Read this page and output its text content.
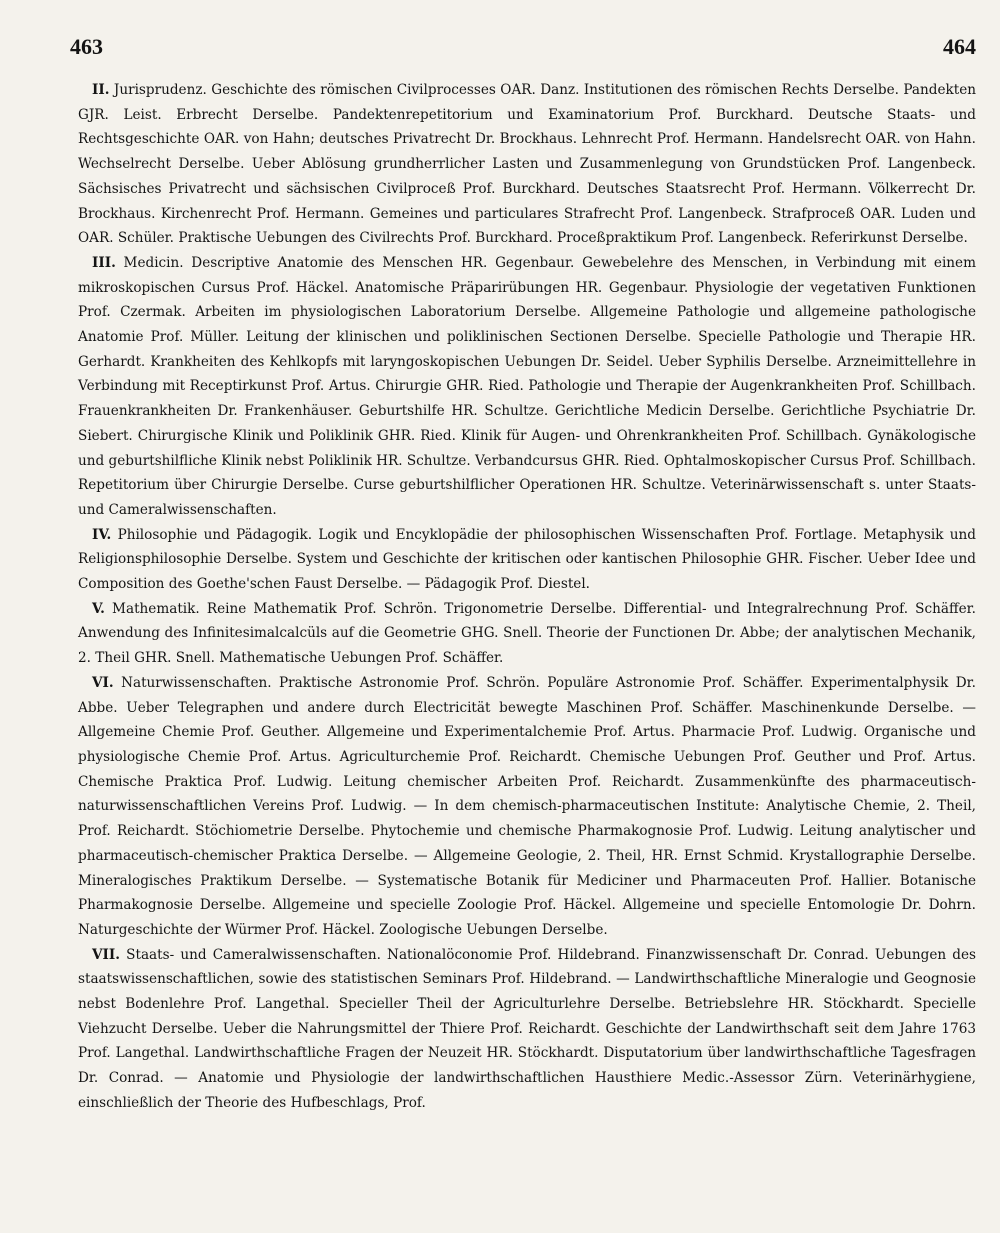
463	464

II. Jurisprudenz. Geschichte des römischen Civilprocesses OAR. Danz. Institutionen des römischen Rechts Derselbe. Pandekten GJR. Leist. Erbrecht Derselbe. Pandektenrepetitorium und Examinatorium Prof. Burckhard. Deutsche Staats- und Rechtsgeschichte OAR. von Hahn; deutsches Privatrecht Dr. Brockhaus. Lehnrecht Prof. Hermann. Handelsrecht OAR. von Hahn. Wechselrecht Derselbe. Ueber Ablösung grundherrlicher Lasten und Zusammenlegung von Grundstücken Prof. Langenbeck. Sächsisches Privatrecht und sächsischen Civilproceß Prof. Burckhard. Deutsches Staatsrecht Prof. Hermann. Völkerrecht Dr. Brockhaus. Kirchenrecht Prof. Hermann. Gemeines und particulares Strafrecht Prof. Langenbeck. Strafproceß OAR. Luden und OAR. Schüler. Praktische Uebungen des Civilrechts Prof. Burckhard. Proceßpraktikum Prof. Langenbeck. Referirkunst Derselbe.

III. Medicin. Descriptive Anatomie des Menschen HR. Gegenbaur. Gewebelehre des Menschen, in Verbindung mit einem mikroskopischen Cursus Prof. Häckel. Anatomische Präparirübungen HR. Gegenbaur. Physiologie der vegetativen Funktionen Prof. Czermak. Arbeiten im physiologischen Laboratorium Derselbe. Allgemeine Pathologie und allgemeine pathologische Anatomie Prof. Müller. Leitung der klinischen und poliklinischen Sectionen Derselbe. Specielle Pathologie und Therapie HR. Gerhardt. Krankheiten des Kehlkopfs mit laryngoskopischen Uebungen Dr. Seidel. Ueber Syphilis Derselbe. Arzneimittellehre in Verbindung mit Receptirkunst Prof. Artus. Chirurgie GHR. Ried. Pathologie und Therapie der Augenkrankheiten Prof. Schillbach. Frauenkrankheiten Dr. Frankenhäuser. Geburtshilfe HR. Schultze. Gerichtliche Medicin Derselbe. Gerichtliche Psychiatrie Dr. Siebert. Chirurgische Klinik und Poliklinik GHR. Ried. Klinik für Augen- und Ohrenkrankheiten Prof. Schillbach. Gynäkologische und geburtshilfliche Klinik nebst Poliklinik HR. Schultze. Verbandcursus GHR. Ried. Ophtalmoskopischer Cursus Prof. Schillbach. Repetitorium über Chirurgie Derselbe. Curse geburtshilflicher Operationen HR. Schultze. Veterinärwissenschaft s. unter Staats- und Cameralwissenschaften.

IV. Philosophie und Pädagogik. Logik und Encyklopädie der philosophischen Wissenschaften Prof. Fortlage. Metaphysik und Religionsphilosophie Derselbe. System und Geschichte der kritischen oder kantischen Philosophie GHR. Fischer. Ueber Idee und Composition des Goethe'schen Faust Derselbe. — Pädagogik Prof. Diestel.

V. Mathematik. Reine Mathematik Prof. Schrön. Trigonometrie Derselbe. Differential- und Integralrechnung Prof. Schäffer. Anwendung des Infinitesimalcalcüls auf die Geometrie GHG. Snell. Theorie der Functionen Dr. Abbe; der analytischen Mechanik, 2. Theil GHR. Snell. Mathematische Uebungen Prof. Schäffer.

VI. Naturwissenschaften. Praktische Astronomie Prof. Schrön. Populäre Astronomie Prof. Schäffer. Experimentalphysik Dr. Abbe. Ueber Telegraphen und andere durch Electricität bewegte Maschinen Prof. Schäffer. Maschinenkunde Derselbe. — Allgemeine Chemie Prof. Geuther. Allgemeine und Experimentalchemie Prof. Artus. Pharmacie Prof. Ludwig. Organische und physiologische Chemie Prof. Artus. Agriculturchemie Prof. Reichardt. Chemische Uebungen Prof. Geuther und Prof. Artus. Chemische Praktica Prof. Ludwig. Leitung chemischer Arbeiten Prof. Reichardt. Zusammenkünfte des pharmaceutisch-naturwissenschaftlichen Vereins Prof. Ludwig. — In dem chemisch-pharmaceutischen Institute: Analytische Chemie, 2. Theil, Prof. Reichardt. Stöchiometrie Derselbe. Phytochemie und chemische Pharmakognosie Prof. Ludwig. Leitung analytischer und pharmaceutisch-chemischer Praktica Derselbe. — Allgemeine Geologie, 2. Theil, HR. Ernst Schmid. Krystallographie Derselbe. Mineralogisches Praktikum Derselbe. — Systematische Botanik für Mediciner und Pharmaceuten Prof. Hallier. Botanische Pharmakognosie Derselbe. Allgemeine und specielle Zoologie Prof. Häckel. Allgemeine und specielle Entomologie Dr. Dohrn. Naturgeschichte der Würmer Prof. Häckel. Zoologische Uebungen Derselbe.

VII. Staats- und Cameralwissenschaften. Nationalöconomie Prof. Hildebrand. Finanzwissenschaft Dr. Conrad. Uebungen des staatswissenschaftlichen, sowie des statistischen Seminars Prof. Hildebrand. — Landwirthschaftliche Mineralogie und Geognosie nebst Bodenlehre Prof. Langethal. Specieller Theil der Agriculturlehre Derselbe. Betriebslehre HR. Stöckhardt. Specielle Viehzucht Derselbe. Ueber die Nahrungsmittel der Thiere Prof. Reichardt. Geschichte der Landwirthschaft seit dem Jahre 1763 Prof. Langethal. Landwirthschaftliche Fragen der Neuzeit HR. Stöckhardt. Disputatorium über landwirthschaftliche Tagesfragen Dr. Conrad. — Anatomie und Physiologie der landwirthschaftlichen Hausthiere Medic.-Assessor Zürn. Veterinärhygiene, einschließlich der Theorie des Hufbeschlags, Prof.
